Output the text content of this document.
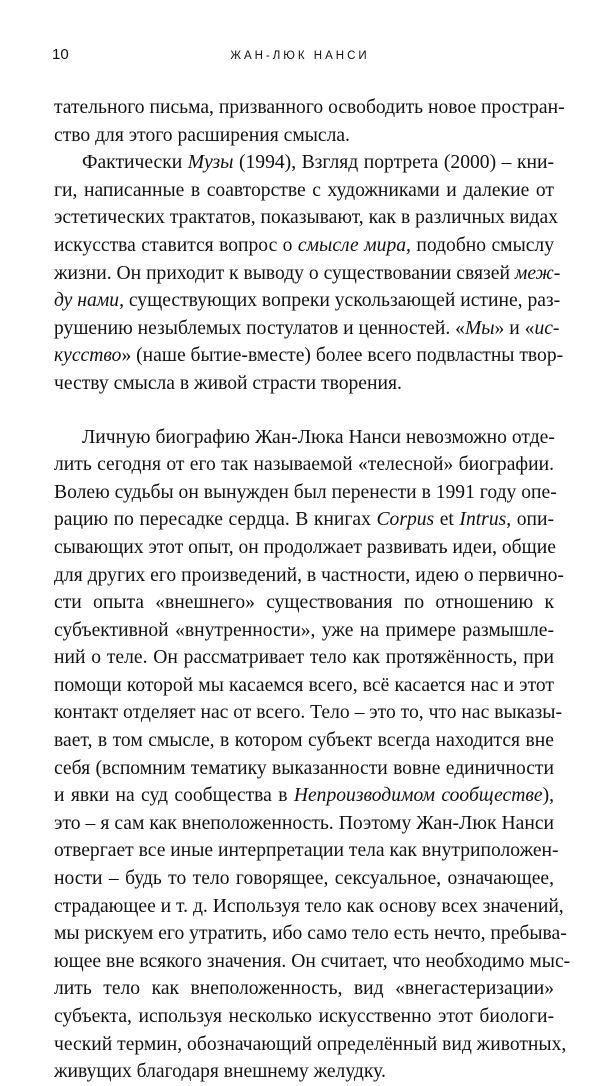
10	ЖАН-ЛЮК НАНСИ
тательного письма, призванного освободить новое простран-
ство для этого расширения смысла.
Фактически Музы (1994), Взгляд портрета (2000) – кни-
ги, написанные в соавторстве с художниками и далекие от
эстетических трактатов, показывают, как в различных видах
искусства ставится вопрос о смысле мира, подобно смыслу
жизни. Он приходит к выводу о существовании связей меж-
ду нами, существующих вопреки ускользающей истине, раз-
рушению незыблемых постулатов и ценностей. «Мы» и «ис-
кусство» (наше бытие-вместе) более всего подвластны твор-
честву смысла в живой страсти творения.
Личную биографию Жан-Люка Нанси невозможно отде-
лить сегодня от его так называемой «телесной» биографии.
Волею судьбы он вынужден был перенести в 1991 году опе-
рацию по пересадке сердца. В книгах Corpus et Intrus, опи-
сывающих этот опыт, он продолжает развивать идеи, общие
для других его произведений, в частности, идею о первично-
сти опыта «внешнего» существования по отношению к
субъективной «внутренности», уже на примере размышле-
ний о теле. Он рассматривает тело как протяжённость, при
помощи которой мы касаемся всего, всё касается нас и этот
контакт отделяет нас от всего. Тело – это то, что нас выказы-
вает, в том смысле, в котором субъект всегда находится вне
себя (вспомним тематику выказанности вовне единичности
и явки на суд сообщества в Непроизводимом сообществе),
это – я сам как внеположенность. Поэтому Жан-Люк Нанси
отвергает все иные интерпретации тела как внутриположен-
ности – будь то тело говорящее, сексуальное, означающее,
страдающее и т. д. Используя тело как основу всех значений,
мы рискуем его утратить, ибо само тело есть нечто, пребыва-
ющее вне всякого значения. Он считает, что необходимо мыс-
лить тело как внеположенность, вид «внегастеризации»
субъекта, используя несколько искусственно этот биологи-
ческий термин, обозначающий определённый вид животных,
живущих благодаря внешнему желудку.
